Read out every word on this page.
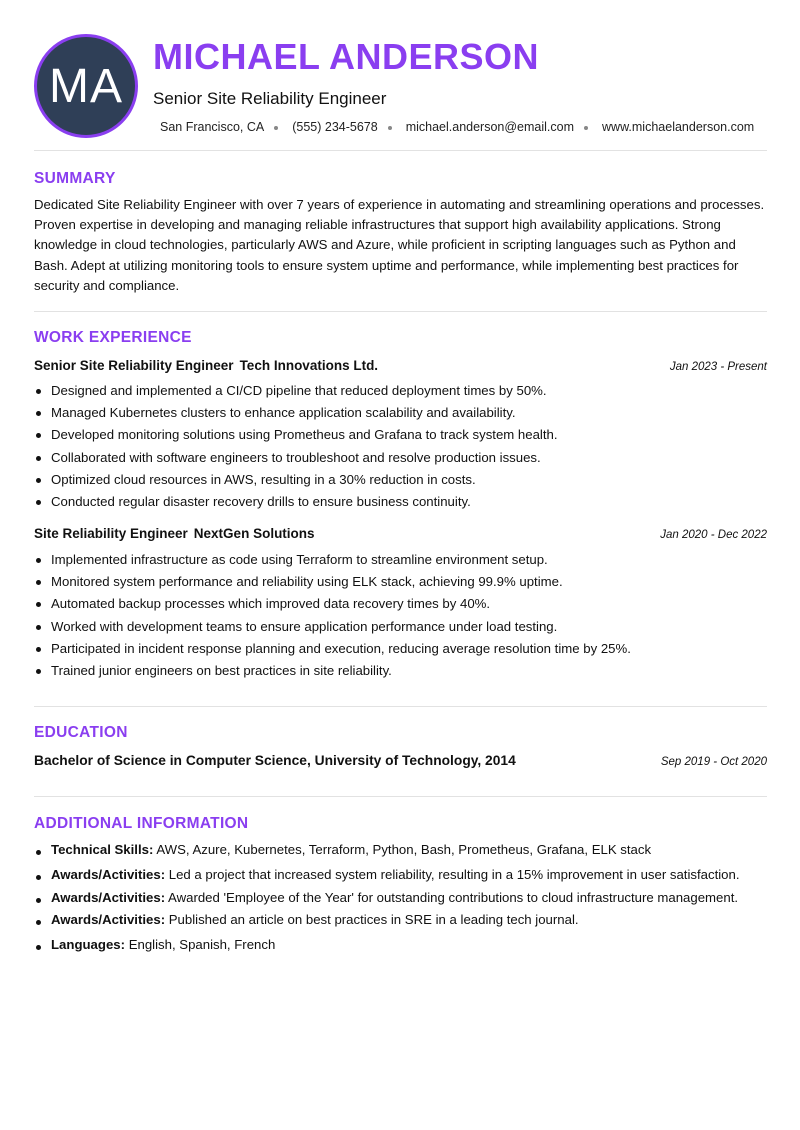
MA
MICHAEL ANDERSON
Senior Site Reliability Engineer
San Francisco, CA (555) 234-5678 michael.anderson@email.com www.michaelanderson.com
SUMMARY
Dedicated Site Reliability Engineer with over 7 years of experience in automating and streamlining operations and processes. Proven expertise in developing and managing reliable infrastructures that support high availability applications. Strong knowledge in cloud technologies, particularly AWS and Azure, while proficient in scripting languages such as Python and Bash. Adept at utilizing monitoring tools to ensure system uptime and performance, while implementing best practices for security and compliance.
WORK EXPERIENCE
Senior Site Reliability Engineer Tech Innovations Ltd.	Jan 2023 - Present
Designed and implemented a CI/CD pipeline that reduced deployment times by 50%.
Managed Kubernetes clusters to enhance application scalability and availability.
Developed monitoring solutions using Prometheus and Grafana to track system health.
Collaborated with software engineers to troubleshoot and resolve production issues.
Optimized cloud resources in AWS, resulting in a 30% reduction in costs.
Conducted regular disaster recovery drills to ensure business continuity.
Site Reliability Engineer NextGen Solutions	Jan 2020 - Dec 2022
Implemented infrastructure as code using Terraform to streamline environment setup.
Monitored system performance and reliability using ELK stack, achieving 99.9% uptime.
Automated backup processes which improved data recovery times by 40%.
Worked with development teams to ensure application performance under load testing.
Participated in incident response planning and execution, reducing average resolution time by 25%.
Trained junior engineers on best practices in site reliability.
EDUCATION
Bachelor of Science in Computer Science, University of Technology, 2014	Sep 2019 - Oct 2020
ADDITIONAL INFORMATION
Technical Skills: AWS, Azure, Kubernetes, Terraform, Python, Bash, Prometheus, Grafana, ELK stack
Awards/Activities: Led a project that increased system reliability, resulting in a 15% improvement in user satisfaction.
Awards/Activities: Awarded 'Employee of the Year' for outstanding contributions to cloud infrastructure management.
Awards/Activities: Published an article on best practices in SRE in a leading tech journal.
Languages: English, Spanish, French
